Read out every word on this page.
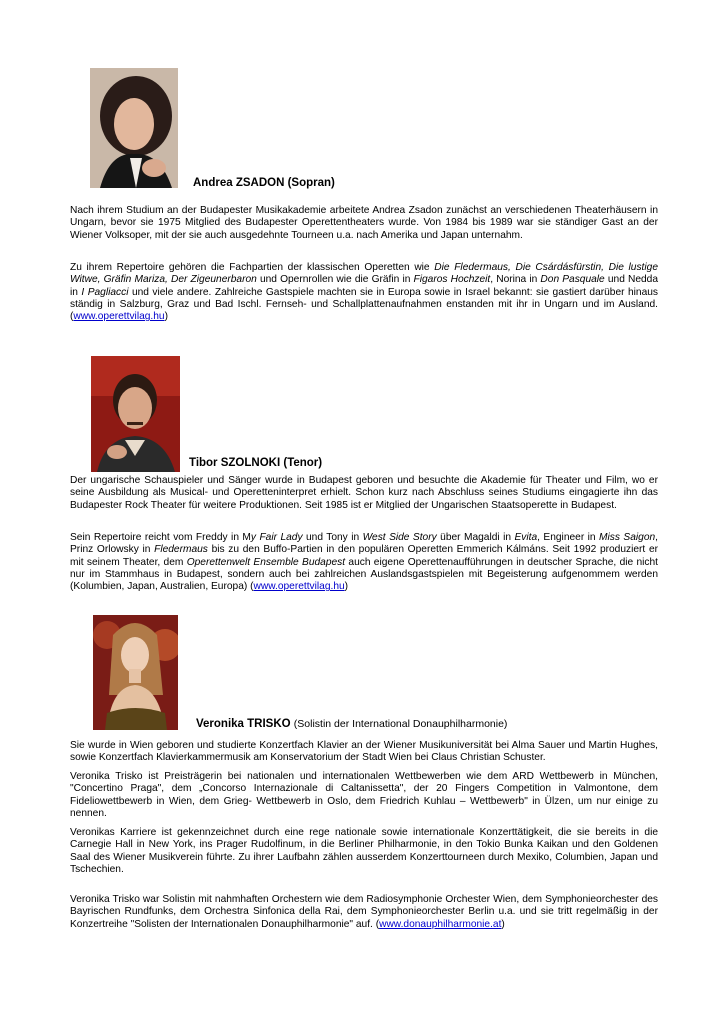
Andrea ZSADON (Sopran)

Nach ihrem Studium an der Budapester Musikakademie arbeitete Andrea Zsadon zunächst an verschiedenen Theaterhäusern in Ungarn, bevor sie 1975 Mitglied des Budapester Operettentheaters wurde. Von 1984 bis 1989 war sie ständiger Gast an der Wiener Volksoper, mit der sie auch ausgedehnte Tourneen u.a. nach Amerika und Japan unternahm.

Zu ihrem Repertoire gehören die Fachpartien der klassischen Operetten wie Die Fledermaus, Die Csárdásfürstin, Die lustige Witwe, Gräfin Mariza, Der Zigeunerbaron und Opernrollen wie die Gräfin in Figaros Hochzeit, Norina in Don Pasquale und Nedda in I Pagliacci und viele andere. Zahlreiche Gastspiele machten sie in Europa sowie in Israel bekannt: sie gastiert darüber hinaus ständig in Salzburg, Graz und Bad Ischl. Fernseh- und Schallplattenaufnahmen enstanden mit ihr in Ungarn und im Ausland. (www.operettvilag.hu)

Tibor SZOLNOKI (Tenor)

Der ungarische Schauspieler und Sänger wurde in Budapest geboren und besuchte die Akademie für Theater und Film, wo er seine Ausbildung als Musical- und Operetteninterpret erhielt. Schon kurz nach Abschluss seines Studiums eingagierte ihn das Budapester Rock Theater für weitere Produktionen. Seit 1985 ist er Mitglied der Ungarischen Staatsoperette in Budapest.

Sein Repertoire reicht vom Freddy in My Fair Lady und Tony in West Side Story über Magaldi in Evita, Engineer in Miss Saigon, Prinz Orlowsky in Fledermaus bis zu den Buffo-Partien in den populären Operetten Emmerich Kálmáns. Seit 1992 produziert er mit seinem Theater, dem Operettenwelt Ensemble Budapest auch eigene Operettenaufführungen in deutscher Sprache, die nicht nur im Stammhaus in Budapest, sondern auch bei zahlreichen Auslandsgastspielen mit Begeisterung aufgenommem werden (Kolumbien, Japan, Australien, Europa) (www.operettvilag.hu)

Veronika TRISKO (Solistin der International Donauphilharmonie)

Sie wurde in Wien geboren und studierte Konzertfach Klavier an der Wiener Musikuniversität bei Alma Sauer und Martin Hughes, sowie Konzertfach Klavierkammermusik am Konservatorium der Stadt Wien bei Claus Christian Schuster.

Veronika Trisko ist Preisträgerin bei nationalen und internationalen Wettbewerben wie dem ARD Wettbewerb in München, "Concertino Praga", dem „Concorso Internazionale di Caltanissetta", der 20 Fingers Competition in Valmontone, dem Fideliowettbewerb in Wien, dem Grieg- Wettbewerb in Oslo, dem Friedrich Kuhlau – Wettbewerb" in Ülzen, um nur einige zu nennen.

Veronikas Karriere ist gekennzeichnet durch eine rege nationale sowie internationale Konzerttätigkeit, die sie bereits in die Carnegie Hall in New York, ins Prager Rudolfinum, in die Berliner Philharmonie, in den Tokio Bunka Kaikan und den Goldenen Saal des Wiener Musikverein führte. Zu ihrer Laufbahn zählen ausserdem Konzerttourneen durch Mexiko, Columbien, Japan und Tschechien.

Veronika Trisko war Solistin mit nahmhaften Orchestern wie dem Radiosymphonie Orchester Wien, dem Symphonieorchester des Bayrischen Rundfunks, dem Orchestra Sinfonica della Rai, dem Symphonieorchester Berlin u.a. und sie tritt regelmäßig in der Konzertreihe "Solisten der Internationalen Donauphilharmonie" auf. (www.donauphilharmonie.at)
